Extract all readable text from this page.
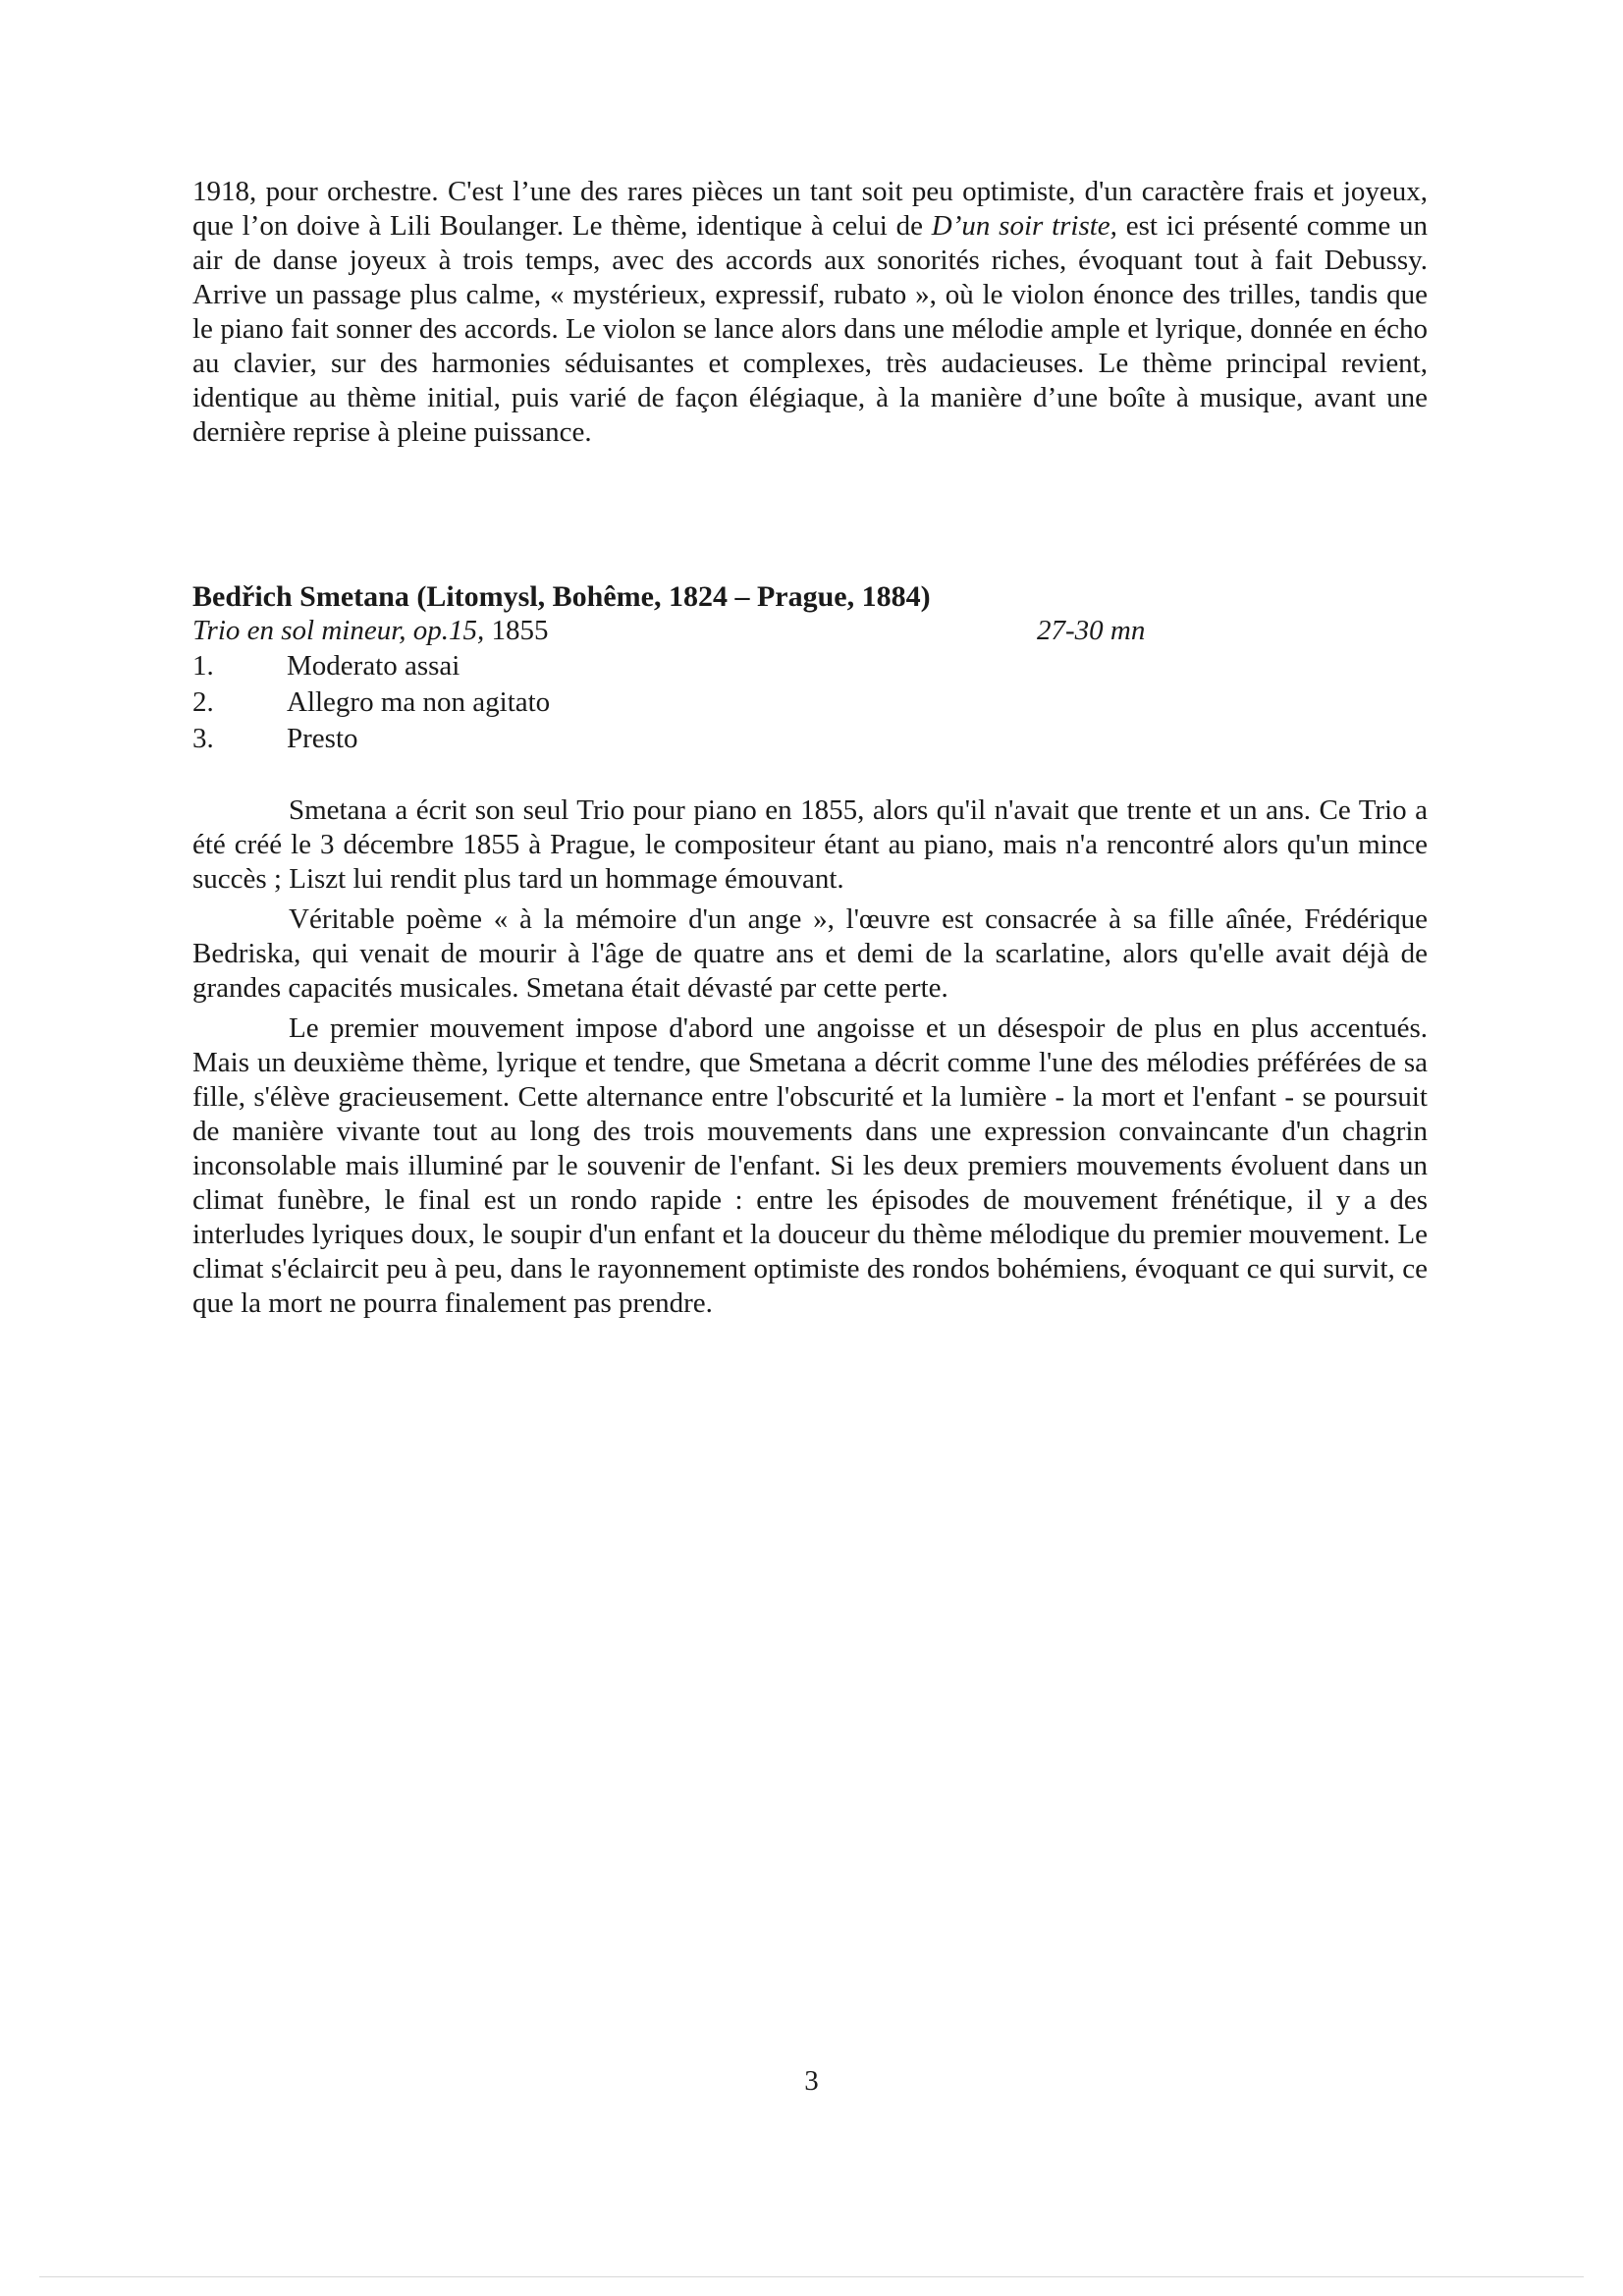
1918, pour orchestre. C'est l’une des rares pièces un tant soit peu optimiste, d'un caractère frais et joyeux, que l’on doive à Lili Boulanger. Le thème, identique à celui de D’un soir triste, est ici présenté comme un air de danse joyeux à trois temps, avec des accords aux sonorités riches, évoquant tout à fait Debussy. Arrive un passage plus calme, « mystérieux, expressif, rubato », où le violon énonce des trilles, tandis que le piano fait sonner des accords. Le violon se lance alors dans une mélodie ample et lyrique, donnée en écho au clavier, sur des harmonies séduisantes et complexes, très audacieuses. Le thème principal revient, identique au thème initial, puis varié de façon élégiaque, à la manière d’une boîte à musique, avant une dernière reprise à pleine puissance.

Bedřich Smetana (Litomysl, Bohême, 1824 – Prague, 1884)

Trio en sol mineur, op.15, 1855	27-30 mn
1.	Moderato assai
2.	Allegro ma non agitato
3.	Presto

Smetana a écrit son seul Trio pour piano en 1855, alors qu'il n'avait que trente et un ans. Ce Trio a été créé le 3 décembre 1855 à Prague, le compositeur étant au piano, mais n'a rencontré alors qu'un mince succès ; Liszt lui rendit plus tard un hommage émouvant.

Véritable poème « à la mémoire d'un ange », l'œuvre est consacrée à sa fille aînée, Frédérique Bedriska, qui venait de mourir à l'âge de quatre ans et demi de la scarlatine, alors qu'elle avait déjà de grandes capacités musicales. Smetana était dévasté par cette perte.

Le premier mouvement impose d'abord une angoisse et un désespoir de plus en plus accentués. Mais un deuxième thème, lyrique et tendre, que Smetana a décrit comme l'une des mélodies préférées de sa fille, s'élève gracieusement. Cette alternance entre l'obscurité et la lumière - la mort et l'enfant - se poursuit de manière vivante tout au long des trois mouvements dans une expression convaincante d'un chagrin inconsolable mais illuminé par le souvenir de l'enfant. Si les deux premiers mouvements évoluent dans un climat funèbre, le final est un rondo rapide : entre les épisodes de mouvement frénétique, il y a des interludes lyriques doux, le soupir d'un enfant et la douceur du thème mélodique du premier mouvement. Le climat s'éclaircit peu à peu, dans le rayonnement optimiste des rondos bohémiens, évoquant ce qui survit, ce que la mort ne pourra finalement pas prendre.

3
